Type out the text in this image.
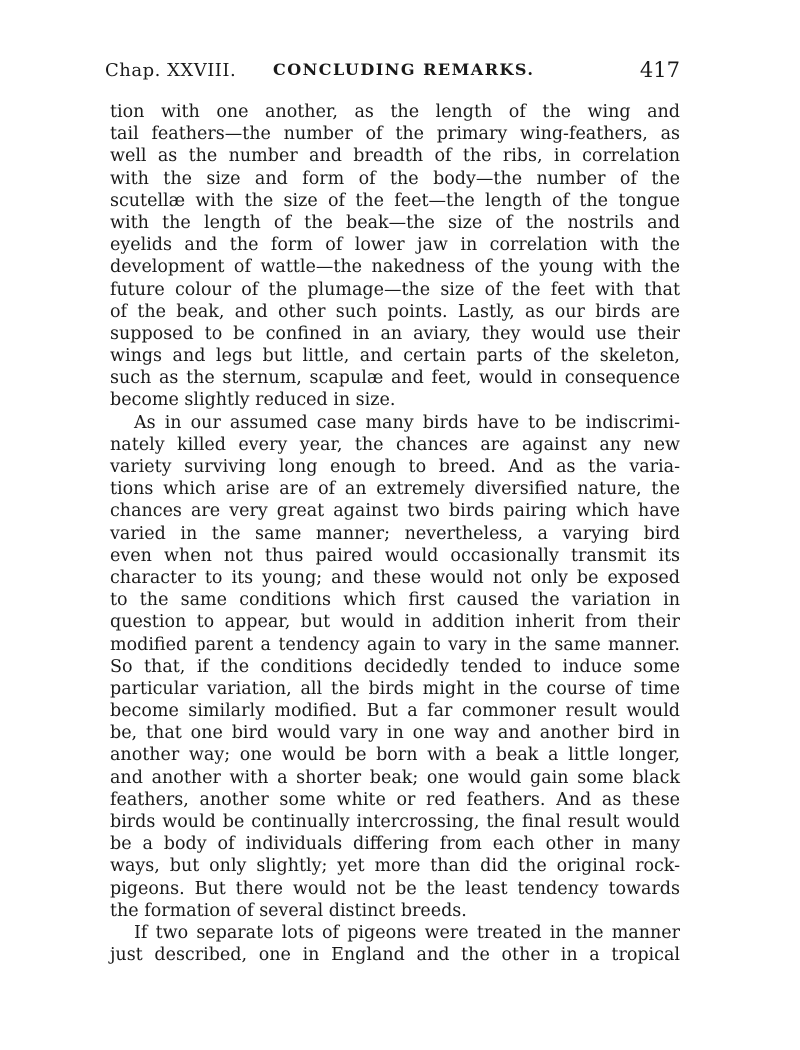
Chap. XXVIII. CONCLUDING REMARKS.	417
tion with one another, as the length of the wing and
tail feathers—the number of the primary wing-feathers, as
well as the number and breadth of the ribs, in correlation
with the size and form of the body—the number of the
scutellæ with the size of the feet—the length of the tongue
with the length of the beak—the size of the nostrils and
eyelids and the form of lower jaw in correlation with the
development of wattle—the nakedness of the young with the
future colour of the plumage—the size of the feet with that
of the beak, and other such points. Lastly, as our birds are
supposed to be confined in an aviary, they would use their
wings and legs but little, and certain parts of the skeleton,
such as the sternum, scapulæ and feet, would in consequence
become slightly reduced in size.
As in our assumed case many birds have to be indiscrimi-
nately killed every year, the chances are against any new
variety surviving long enough to breed. And as the varia-
tions which arise are of an extremely diversified nature, the
chances are very great against two birds pairing which have
varied in the same manner; nevertheless, a varying bird
even when not thus paired would occasionally transmit its
character to its young; and these would not only be exposed
to the same conditions which first caused the variation in
question to appear, but would in addition inherit from their
modified parent a tendency again to vary in the same manner.
So that, if the conditions decidedly tended to induce some
particular variation, all the birds might in the course of time
become similarly modified. But a far commoner result would
be, that one bird would vary in one way and another bird in
another way; one would be born with a beak a little longer,
and another with a shorter beak; one would gain some black
feathers, another some white or red feathers. And as these
birds would be continually intercrossing, the final result would
be a body of individuals differing from each other in many
ways, but only slightly; yet more than did the original rock-
pigeons. But there would not be the least tendency towards
the formation of several distinct breeds.
If two separate lots of pigeons were treated in the manner
just described, one in England and the other in a tropical
